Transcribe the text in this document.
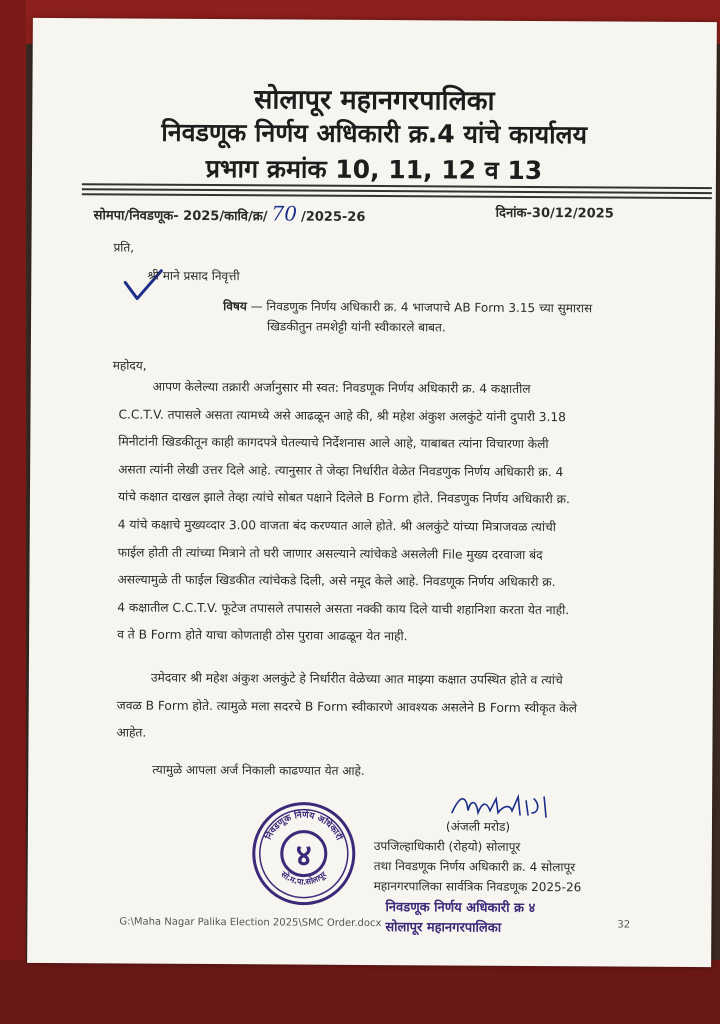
सोलापूर महानगरपालिका
निवडणूक निर्णय अधिकारी क्र.4 यांचे कार्यालय
प्रभाग क्रमांक 10, 11, 12 व 13
सोमपा/निवडणूक- 2025/कावि/क्र/ 70 /2025-26	दिनांक-30/12/2025
प्रति,
श्री माने प्रसाद निवृत्ती
विषय — निवडणुक निर्णय अधिकारी क्र. 4 भाजपाचे AB Form 3.15 च्या सुमारास
खिडकीतुन तमशेट्टी यांनी स्वीकारले बाबत.
महोदय,
आपण केलेल्या तक्रारी अर्जानुसार मी स्वत: निवडणूक निर्णय अधिकारी क्र. 4 कक्षातील
C.C.T.V. तपासले असता त्यामध्ये असे आढळून आहे की, श्री महेश अंकुश अलकुंटे यांनी दुपारी 3.18
मिनीटांनी खिडकीतून काही कागदपत्रे घेतल्याचे निर्देशनास आले आहे, याबाबत त्यांना विचारणा केली
असता त्यांनी लेखी उत्तर दिले आहे. त्यानुसार ते जेव्हा निर्धारीत वेळेत निवडणुक निर्णय अधिकारी क्र. 4
यांचे कक्षात दाखल झाले तेव्हा त्यांचे सोबत पक्षाने दिलेले B Form होते. निवडणुक निर्णय अधिकारी क्र.
4 यांचे कक्षाचे मुख्यव्दार 3.00 वाजता बंद करण्यात आले होते. श्री अलकुंटे यांच्या मित्राजवळ त्यांची
फाईल होती ती त्यांच्या मित्राने तो घरी जाणार असल्याने त्यांचेकडे असलेली File मुख्य दरवाजा बंद
असल्यामुळे ती फाईल खिडकीत त्यांचेकडे दिली, असे नमूद केले आहे. निवडणूक निर्णय अधिकारी क्र.
4 कक्षातील C.C.T.V. फूटेज तपासले तपासले असता नक्की काय दिले याची शहानिशा करता येत नाही.
व ते B Form होते याचा कोणताही ठोस पुरावा आढळून येत नाही.
उमेदवार श्री महेश अंकुश अलकुंटे हे निर्धारीत वेळेच्या आत माझ्या कक्षात उपस्थित होते व त्यांचे
जवळ B Form होते. त्यामुळे मला सदरचे B Form स्वीकारणे आवश्यक असलेने B Form स्वीकृत केले
आहेत.
त्यामुळे आपला अर्ज निकाली काढण्यात येत आहे.
४
निवडणूक निर्णय अधिकारी
सो.म.पा.सोलापूर
(अंजली मरोड)
उपजिल्हाधिकारी (रोहयो) सोलापूर
तथा निवडणूक निर्णय अधिकारी क्र. 4 सोलापूर
महानगरपालिका सार्वत्रिक निवडणूक 2025-26
निवडणूक निर्णय अधिकारी क्र ४
सोलापूर महानगरपालिका
G:\Maha Nagar Palika Election 2025\SMC Order.docx	32
